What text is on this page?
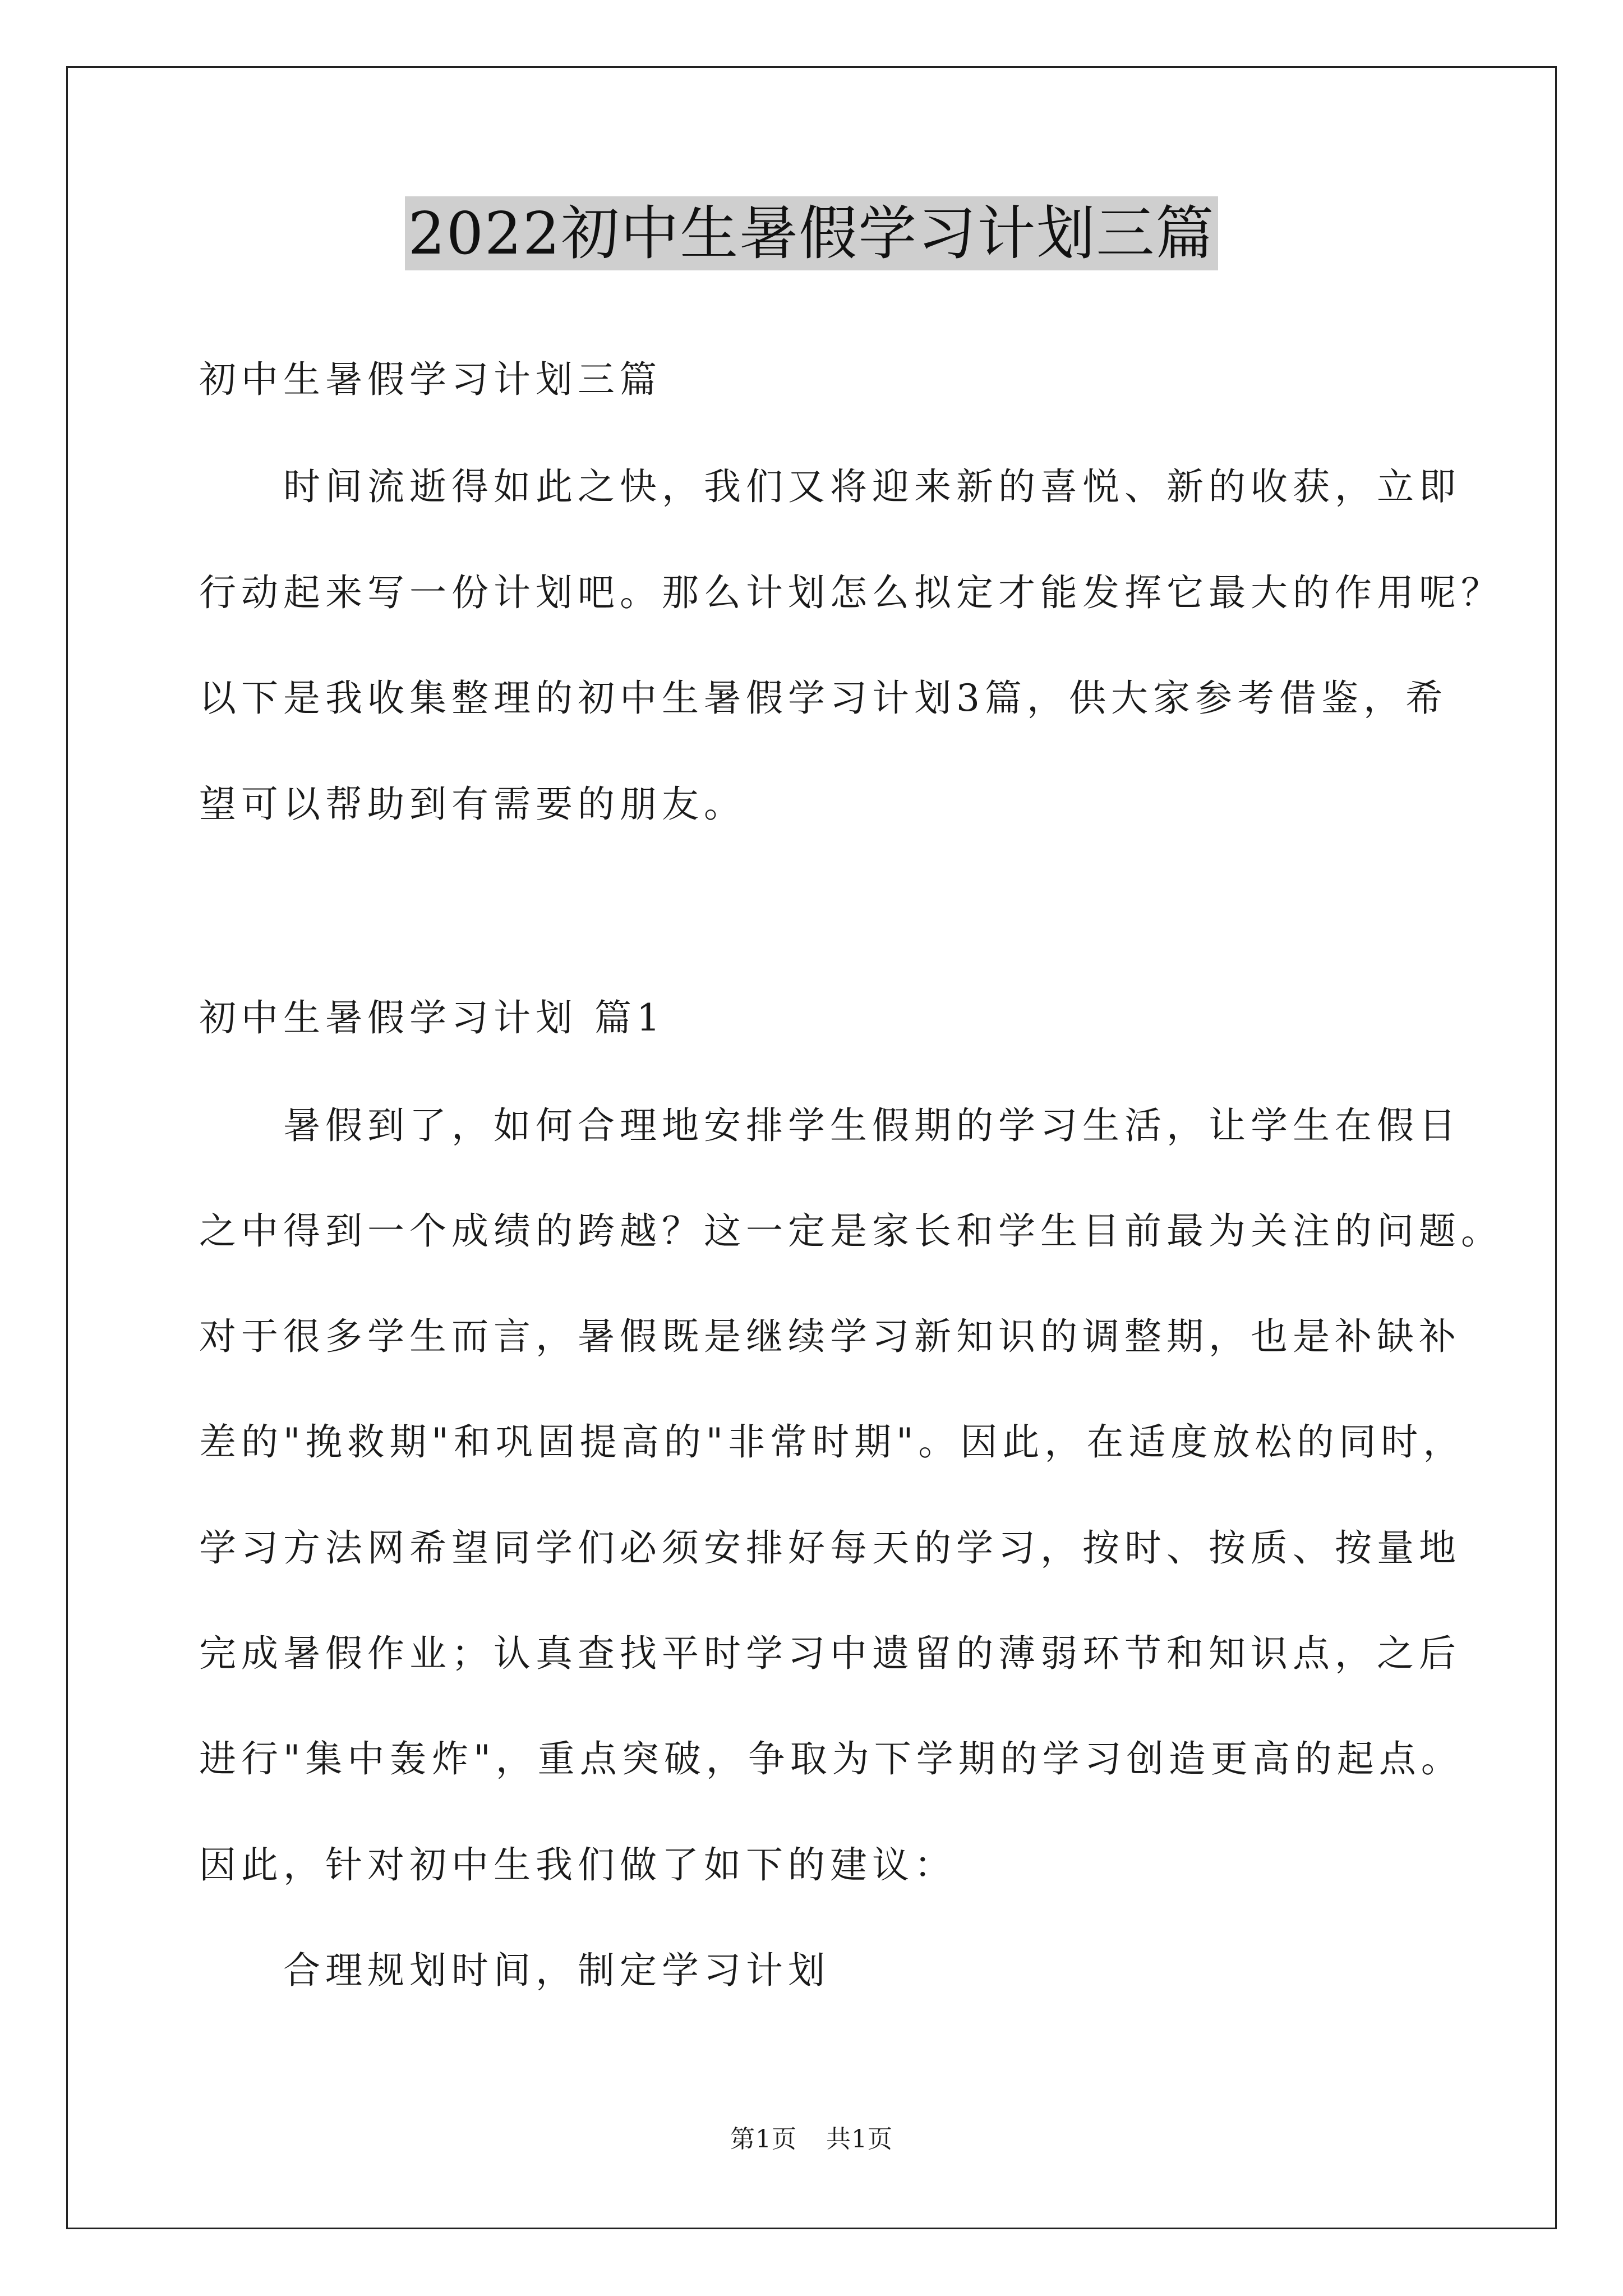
2022初中生暑假学习计划三篇
初中生暑假学习计划三篇
时间流逝得如此之快，我们又将迎来新的喜悦、新的收获，立即
行动起来写一份计划吧。那么计划怎么拟定才能发挥它最大的作用呢？
以下是我收集整理的初中生暑假学习计划3篇，供大家参考借鉴，希
望可以帮助到有需要的朋友。
初中生暑假学习计划 篇1
暑假到了，如何合理地安排学生假期的学习生活，让学生在假日
之中得到一个成绩的跨越？这一定是家长和学生目前最为关注的问题。
对于很多学生而言，暑假既是继续学习新知识的调整期，也是补缺补
差的"挽救期"和巩固提高的"非常时期"。因此，在适度放松的同时，
学习方法网希望同学们必须安排好每天的学习，按时、按质、按量地
完成暑假作业；认真查找平时学习中遗留的薄弱环节和知识点，之后
进行"集中轰炸"，重点突破，争取为下学期的学习创造更高的起点。
因此，针对初中生我们做了如下的建议：
合理规划时间，制定学习计划
第1页 共1页
